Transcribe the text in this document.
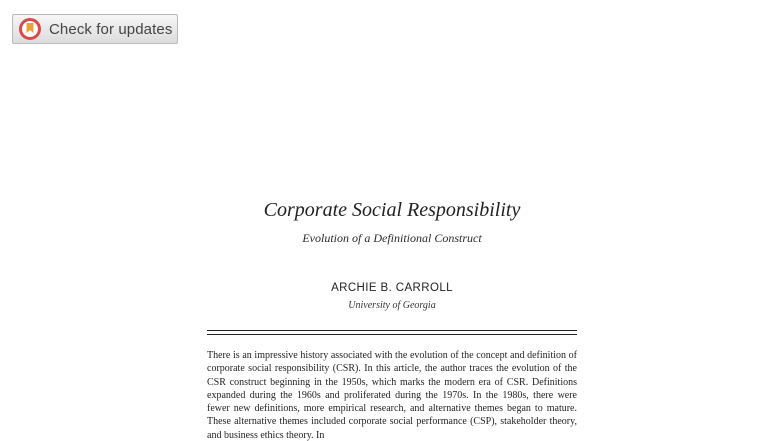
Check for updates
Corporate Social Responsibility
Evolution of a Definitional Construct
ARCHIE B. CARROLL
University of Georgia
There is an impressive history associated with the evolution of the concept and definition of corporate social responsibility (CSR). In this article, the author traces the evolution of the CSR construct beginning in the 1950s, which marks the modern era of CSR. Definitions expanded during the 1960s and proliferated during the 1970s. In the 1980s, there were fewer new definitions, more empirical research, and alternative themes began to mature. These alternative themes included corporate social performance (CSP), stakeholder theory, and business ethics theory. In
